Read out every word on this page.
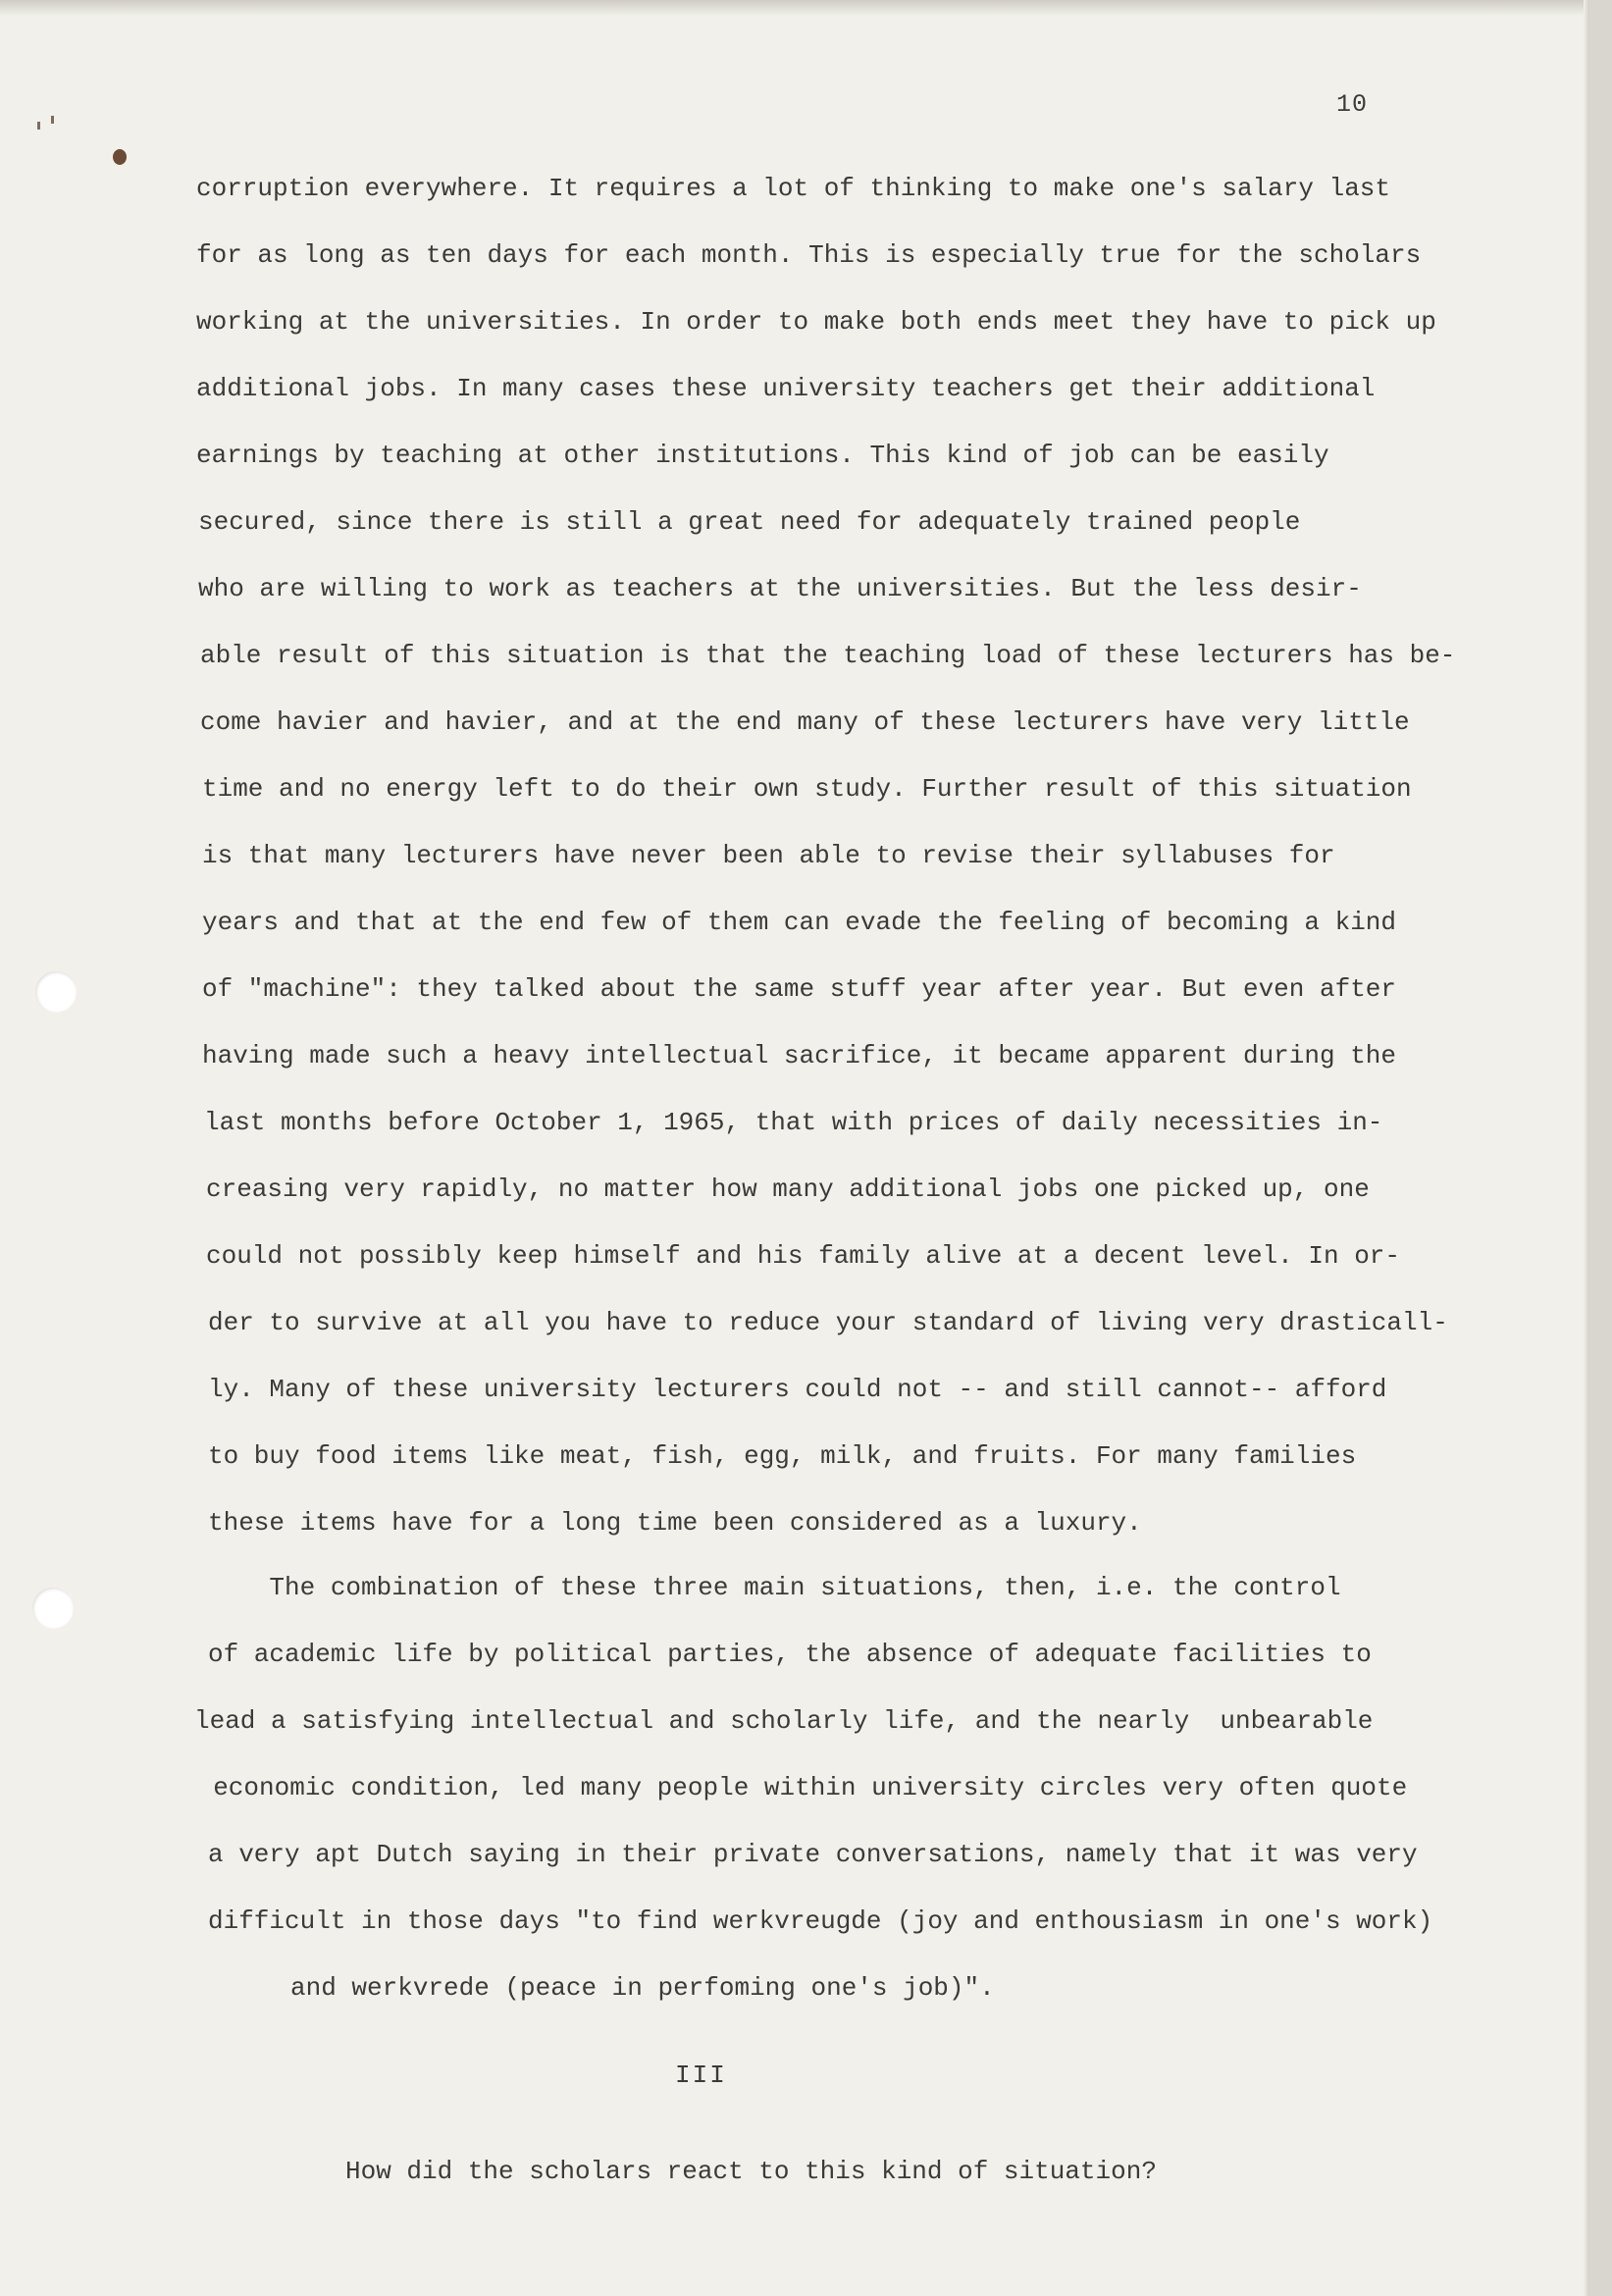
10
corruption everywhere. It requires a lot of thinking to make one's salary last
for as long as ten days for each month. This is especially true for the scholars
working at the universities. In order to make both ends meet they have to pick up
additional jobs. In many cases these university teachers get their additional
earnings by teaching at other institutions. This kind of job can be easily
secured, since there is still a great need for adequately trained people
who are willing to work as teachers at the universities. But the less desir-
able result of this situation is that the teaching load of these lecturers has be-
come havier and havier, and at the end many of these lecturers have very little
time and no energy left to do their own study. Further result of this situation
is that many lecturers have never been able to revise their syllabuses for
years and that at the end few of them can evade the feeling of becoming a kind
of "machine": they talked about the same stuff year after year. But even after
having made such a heavy intellectual sacrifice, it became apparent during the
last months before October 1, 1965, that with prices of daily necessities in-
creasing very rapidly, no matter how many additional jobs one picked up, one
could not possibly keep himself and his family alive at a decent level. In or-
der to survive at all you have to reduce your standard of living very drasticall-
ly. Many of these university lecturers could not -- and still cannot-- afford
to buy food items like meat, fish, egg, milk, and fruits. For many families
these items have for a long time been considered as a luxury.
The combination of these three main situations, then, i.e. the control
of academic life by political parties, the absence of adequate facilities to
lead a satisfying intellectual and scholarly life, and the nearly  unbearable
economic condition, led many people within university circles very often quote
a very apt Dutch saying in their private conversations, namely that it was very
difficult in those days "to find werkvreugde (joy and enthousiasm in one's work)
and werkvrede (peace in perfoming one's job)".
III
How did the scholars react to this kind of situation?
